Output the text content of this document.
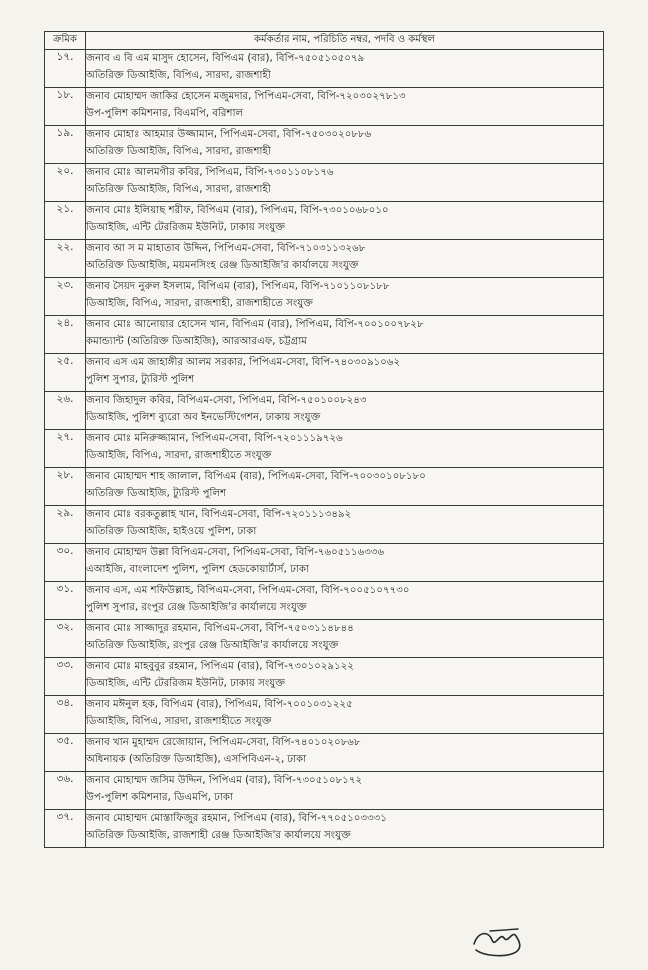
ক্রমিক	কর্মকর্তার নাম, পরিচিতি নম্বর, পদবি ও কর্মস্থল
১৭.	জনাব এ বি এম মাসুদ হোসেন, বিপিএম (বার), বিপি-৭৫০৫১০৫০৭৯
অতিরিক্ত ডিআইজি, বিপিএ, সারদা, রাজশাহী

১৮.	জনাব মোহাম্মদ জাকির হোসেন মজুমদার, পিপিএম-সেবা, বিপি-৭২০৩০২৭৮১৩
উপ-পুলিশ কমিশনার, বিএমপি, বরিশাল

১৯.	জনাব মোহাঃ আহমার উজ্জামান, পিপিএম-সেবা, বিপি-৭৫০৩০২০৮৮৬
অতিরিক্ত ডিআইজি, বিপিএ, সারদা, রাজশাহী

২০.	জনাব মোঃ আলমগীর কবির, পিপিএম, বিপি-৭৩০১১০৮১৭৬
অতিরিক্ত ডিআইজি, বিপিএ, সারদা, রাজশাহী

২১.	জনাব মোঃ ইলিয়াছ শরীফ, বিপিএম (বার), পিপিএম, বিপি-৭৩০১০৬৮০১০
ডিআইজি, এন্টি টেররিজম ইউনিট, ঢাকায় সংযুক্ত

২২.	জনাব আ স ম মাহাতাব উদ্দিন, পিপিএম-সেবা, বিপি-৭১০৩১১৩২৬৮
অতিরিক্ত ডিআইজি, ময়মনসিংহ রেঞ্জ ডিআইজি'র কার্যালয়ে সংযুক্ত

২৩.	জনাব সৈয়দ নুরুল ইসলাম, বিপিএম (বার), পিপিএম, বিপি-৭১০১১০৮১৮৮
ডিআইজি, বিপিএ, সারদা, রাজশাহী, রাজশাহীতে সংযুক্ত

২৪.	জনাব মোঃ আনোয়ার হোসেন খান, বিপিএম (বার), পিপিএম, বিপি-৭০০১০০৭৮২৮
কমান্ড্যান্ট (অতিরিক্ত ডিআইজি), আরআরএফ, চট্টগ্রাম

২৫.	জনাব এস এম জাহাঙ্গীর আলম সরকার, পিপিএম-সেবা, বিপি-৭৪০৩০৯১০৬২
পুলিশ সুপার, ট্যুরিস্ট পুলিশ

২৬.	জনাব জিহাদুল কবির, বিপিএম-সেবা, পিপিএম, বিপি-৭৫০১০০৮২৪৩
ডিআইজি, পুলিশ ব্যুরো অব ইনভেস্টিগেশন, ঢাকায় সংযুক্ত

২৭.	জনাব মোঃ মনিরুজ্জামান, পিপিএম-সেবা, বিপি-৭২০১১১৯৭২৬
ডিআইজি, বিপিএ, সারদা, রাজশাহীতে সংযুক্ত

২৮.	জনাব মোহাম্মদ শাহ জালাল, বিপিএম (বার), পিপিএম-সেবা, বিপি-৭০০৩০১০৮১৮০
অতিরিক্ত ডিআইজি, ট্যুরিস্ট পুলিশ

২৯.	জনাব মোঃ বরকতুল্লাহ খান, বিপিএম-সেবা, বিপি-৭২০১১১৩৪৯২
অতিরিক্ত ডিআইজি, হাইওয়ে পুলিশ, ঢাকা

৩০.	জনাব মোহাম্মদ উল্লা বিপিএম-সেবা, পিপিএম-সেবা, বিপি-৭৬০৫১১৬৩৩৬
এআইজি, বাংলাদেশ পুলিশ, পুলিশ হেডকোয়ার্টার্স, ঢাকা

৩১.	জনাব এস, এম শফিউল্লাহ, বিপিএম-সেবা, পিপিএম-সেবা, বিপি-৭০০৫১০৭৭৩০
পুলিশ সুপার, রংপুর রেঞ্জ ডিআইজি'র কার্যালয়ে সংযুক্ত

৩২.	জনাব মোঃ সাজ্জাদুর রহমান, বিপিএম-সেবা, বিপি-৭৫০৩১১৪৮৪৪
অতিরিক্ত ডিআইজি, রংপুর রেঞ্জ ডিআইজি'র কার্যালয়ে সংযুক্ত

৩৩.	জনাব মোঃ মাহবুবুর রহমান, পিপিএম (বার), বিপি-৭৩০১০২৯১২২
ডিআইজি, এন্টি টেররিজম ইউনিট, ঢাকায় সংযুক্ত

৩৪.	জনাব মঈনুল হক, বিপিএম (বার), পিপিএম, বিপি-৭০০১০৩১২২৫
ডিআইজি, বিপিএ, সারদা, রাজশাহীতে সংযুক্ত

৩৫.	জনাব খান মুহাম্মদ রেজোয়ান, পিপিএম-সেবা, বিপি-৭৪০১০২০৮৬৮
অধিনায়ক (অতিরিক্ত ডিআইজি), এসপিবিএন-২, ঢাকা

৩৬.	জনাব মোহাম্মদ জসিম উদ্দিন, পিপিএম (বার), বিপি-৭৩০৫১০৮১৭২
উপ-পুলিশ কমিশনার, ডিএমপি, ঢাকা

৩৭.	জনাব মোহাম্মদ মোস্তাফিজুর রহমান, পিপিএম (বার), বিপি-৭৭০৫১০৩৩৩১
অতিরিক্ত ডিআইজি, রাজশাহী রেঞ্জ ডিআইজি'র কার্যালয়ে সংযুক্ত
